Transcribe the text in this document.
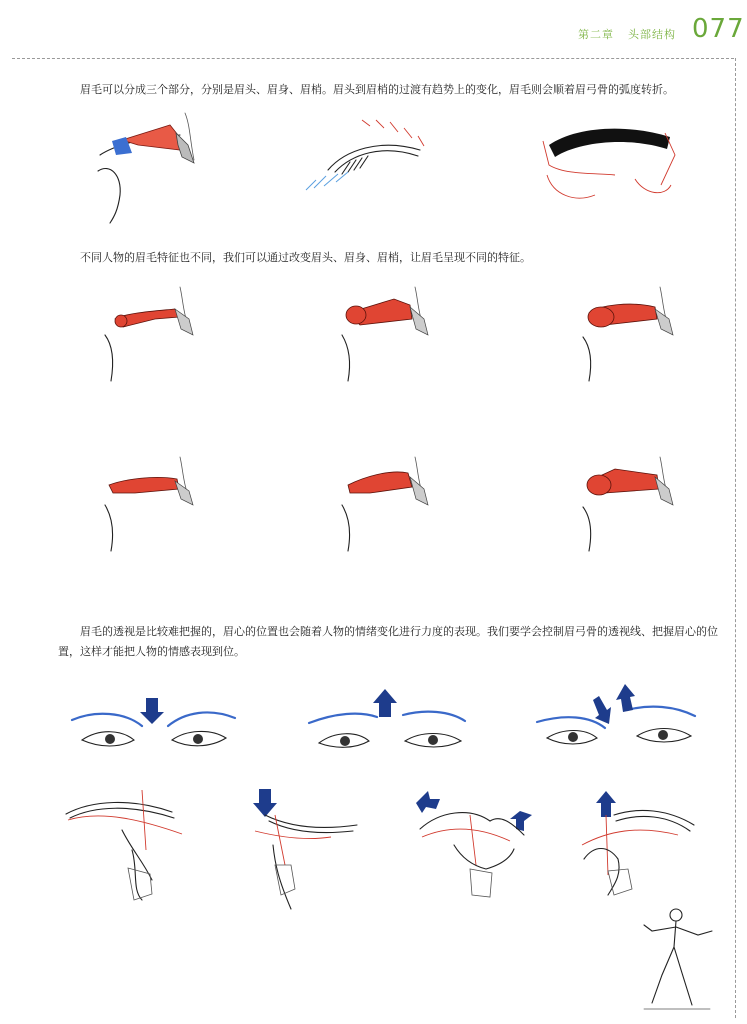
第二章 头部结构 077
眉毛可以分成三个部分，分别是眉头、眉身、眉梢。眉头到眉梢的过渡有趋势上的变化，眉毛则会顺着眉弓骨的弧度转折。
不同人物的眉毛特征也不同，我们可以通过改变眉头、眉身、眉梢，让眉毛呈现不同的特征。
眉毛的透视是比较难把握的，眉心的位置也会随着人物的情绪变化进行力度的表现。我们要学会控制眉弓骨的透视线、把握眉心的位置，这样才能把人物的情感表现到位。
